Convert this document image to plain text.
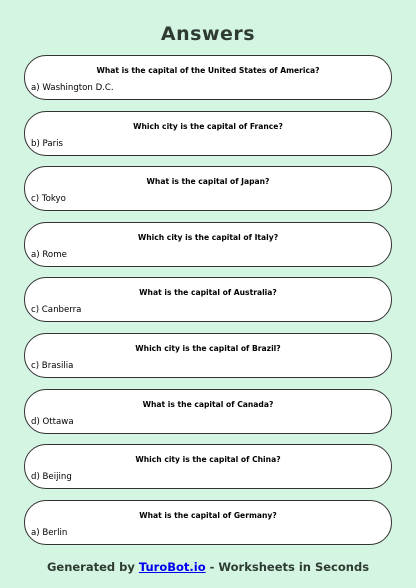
Answers
What is the capital of the United States of America?
a) Washington D.C.
Which city is the capital of France?
b) Paris
What is the capital of Japan?
c) Tokyo
Which city is the capital of Italy?
a) Rome
What is the capital of Australia?
c) Canberra
Which city is the capital of Brazil?
c) Brasilia
What is the capital of Canada?
d) Ottawa
Which city is the capital of China?
d) Beijing
What is the capital of Germany?
a) Berlin
Generated by TuroBot.io - Worksheets in Seconds
